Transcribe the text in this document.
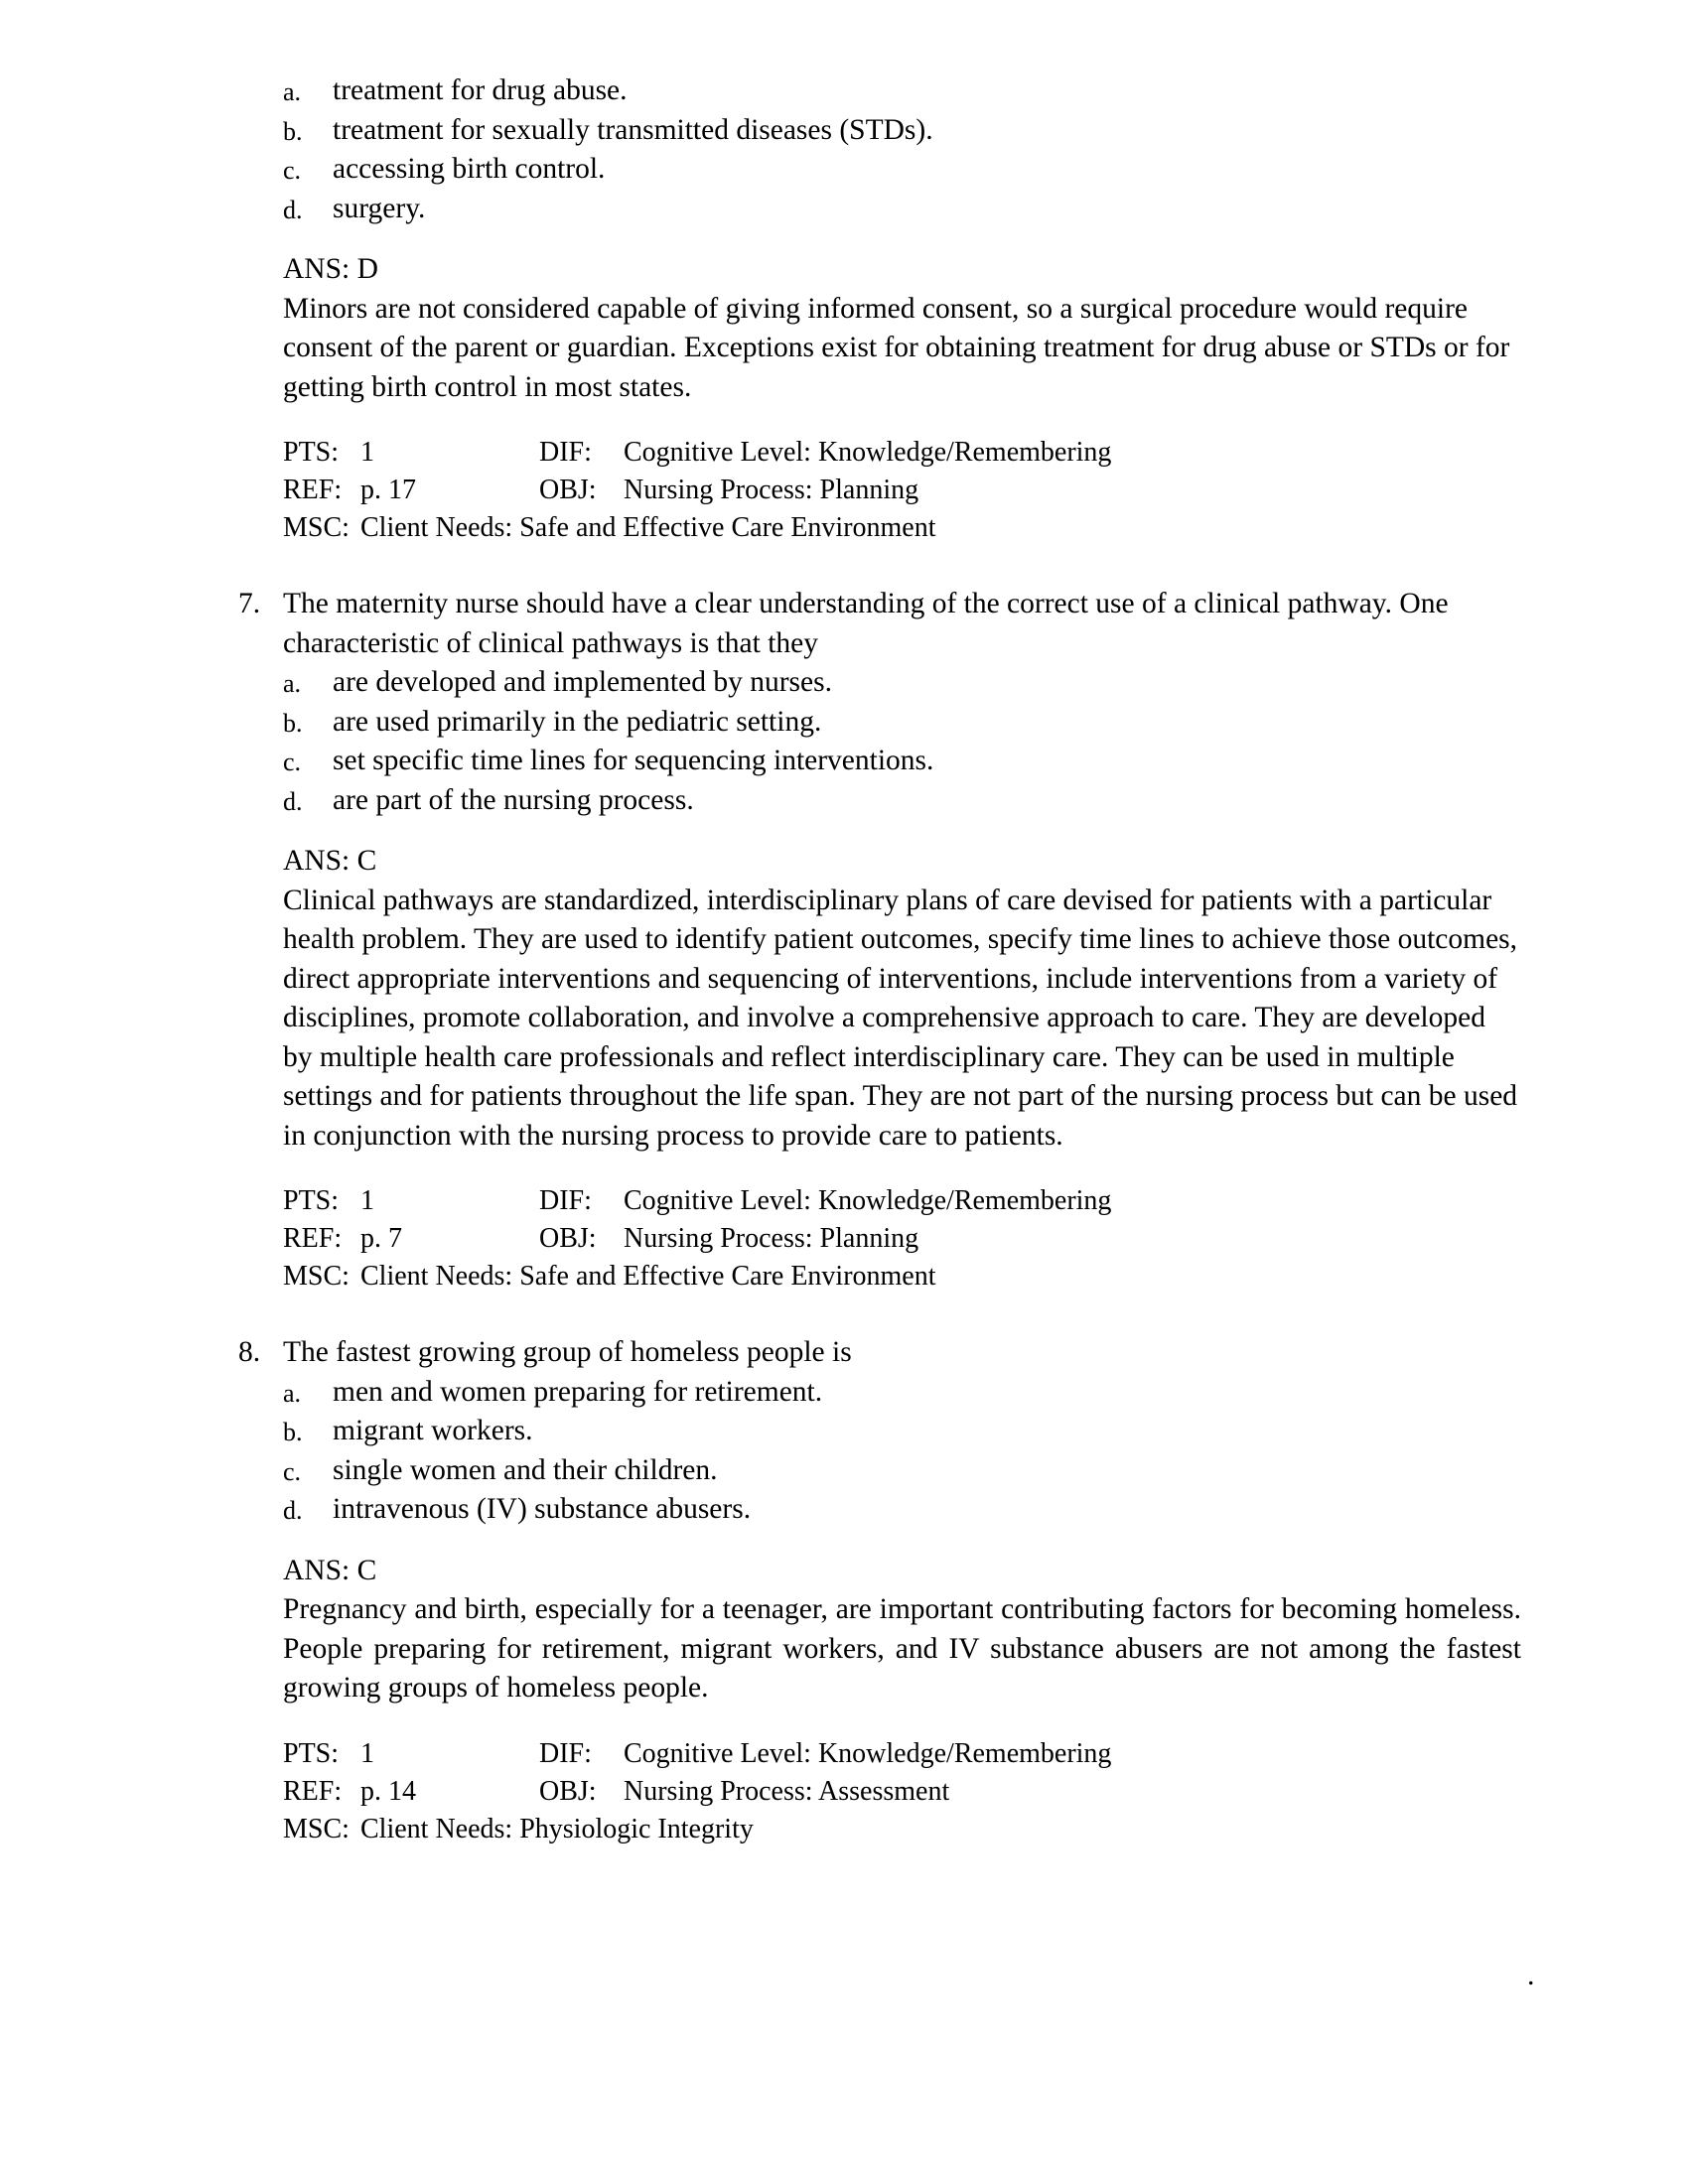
a. treatment for drug abuse.
b. treatment for sexually transmitted diseases (STDs).
c. accessing birth control.
d. surgery.
ANS: D

Minors are not considered capable of giving informed consent, so a surgical procedure would require consent of the parent or guardian. Exceptions exist for obtaining treatment for drug abuse or STDs or for getting birth control in most states.

PTS: 1	DIF: Cognitive Level: Knowledge/Remembering
REF: p. 17	OBJ: Nursing Process: Planning
MSC: Client Needs: Safe and Effective Care Environment
7. The maternity nurse should have a clear understanding of the correct use of a clinical pathway. One characteristic of clinical pathways is that they
a. are developed and implemented by nurses.
b. are used primarily in the pediatric setting.
c. set specific time lines for sequencing interventions.
d. are part of the nursing process.
ANS: C

Clinical pathways are standardized, interdisciplinary plans of care devised for patients with a particular health problem. They are used to identify patient outcomes, specify time lines to achieve those outcomes, direct appropriate interventions and sequencing of interventions, include interventions from a variety of disciplines, promote collaboration, and involve a comprehensive approach to care. They are developed by multiple health care professionals and reflect interdisciplinary care. They can be used in multiple settings and for patients throughout the life span. They are not part of the nursing process but can be used in conjunction with the nursing process to provide care to patients.

PTS: 1	DIF: Cognitive Level: Knowledge/Remembering
REF: p. 7	OBJ: Nursing Process: Planning
MSC: Client Needs: Safe and Effective Care Environment
8. The fastest growing group of homeless people is
a. men and women preparing for retirement.
b. migrant workers.
c. single women and their children.
d. intravenous (IV) substance abusers.
ANS: C

Pregnancy and birth, especially for a teenager, are important contributing factors for becoming homeless. People preparing for retirement, migrant workers, and IV substance abusers are not among the fastest growing groups of homeless people.

PTS: 1	DIF: Cognitive Level: Knowledge/Remembering
REF: p. 14	OBJ: Nursing Process: Assessment
MSC: Client Needs: Physiologic Integrity
.
